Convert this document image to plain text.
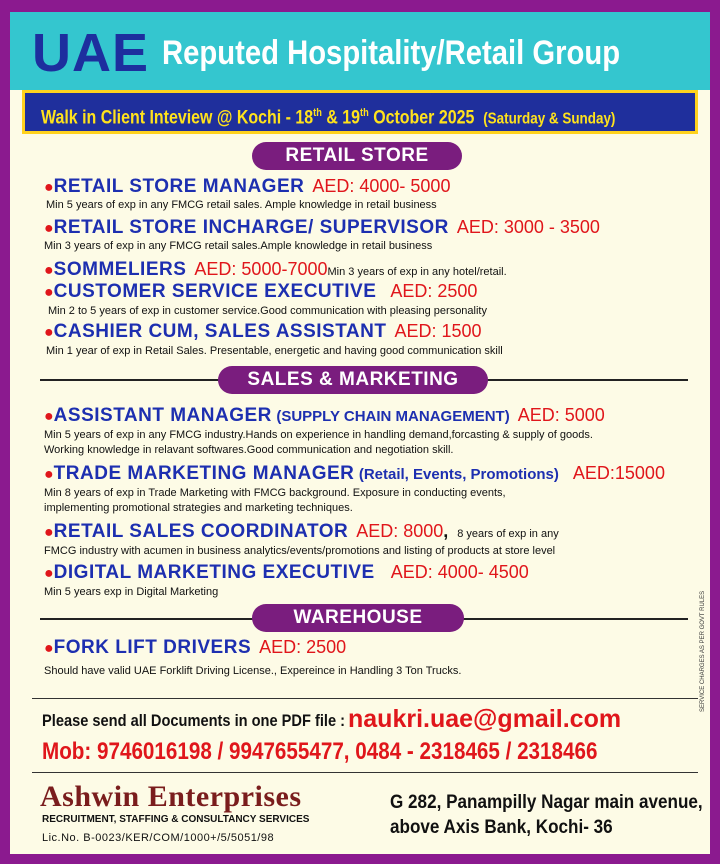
UAE Reputed Hospitality/Retail Group
Walk in Client Inteview @ Kochi - 18th & 19th October 2025 (Saturday & Sunday)
RETAIL STORE
●RETAIL STORE MANAGER AED: 4000- 5000
Min 5 years of exp in any FMCG retail sales. Ample knowledge in retail business
●RETAIL STORE INCHARGE/ SUPERVISOR AED: 3000 - 3500
Min 3 years of exp in any FMCG retail sales.Ample knowledge in retail business
●SOMMELIERS AED: 5000-7000Min 3 years of exp in any hotel/retail.
●CUSTOMER SERVICE EXECUTIVE AED: 2500
Min 2 to 5 years of exp in customer service.Good communication with pleasing personality
●CASHIER CUM, SALES ASSISTANT AED: 1500
Min 1 year of exp in Retail Sales. Presentable, energetic and having good communication skill
SALES & MARKETING
●ASSISTANT MANAGER (SUPPLY CHAIN MANAGEMENT) AED: 5000
Min 5 years of exp in any FMCG industry.Hands on experience in handling demand,forcasting & supply of goods.
Working knowledge in relavant softwares.Good communication and negotiation skill.
●TRADE MARKETING MANAGER (Retail, Events, Promotions) AED:15000
Min 8 years of exp in Trade Marketing with FMCG background. Exposure in conducting events,
implementing promotional strategies and marketing techniques.
●RETAIL SALES COORDINATOR AED: 8000, 8 years of exp in any
FMCG industry with acumen in business analytics/events/promotions and listing of products at store level
●DIGITAL MARKETING EXECUTIVE AED: 4000- 4500
Min 5 years exp in Digital Marketing
WAREHOUSE
●FORK LIFT DRIVERS AED: 2500
Should have valid UAE Forklift Driving License., Expereince in Handling 3 Ton Trucks.	SERVICE CHARGES AS PER GOVT RULES
Please send all Documents in one PDF file : naukri.uae@gmail.com
Mob: 9746016198 / 9947655477, 0484 - 2318465 / 2318466
Ashwin Enterprises
RECRUITMENT, STAFFING & CONSULTANCY SERVICES
Lic.No. B-0023/KER/COM/1000+/5/5051/98
G 282, Panampilly Nagar main avenue,
above Axis Bank, Kochi- 36
